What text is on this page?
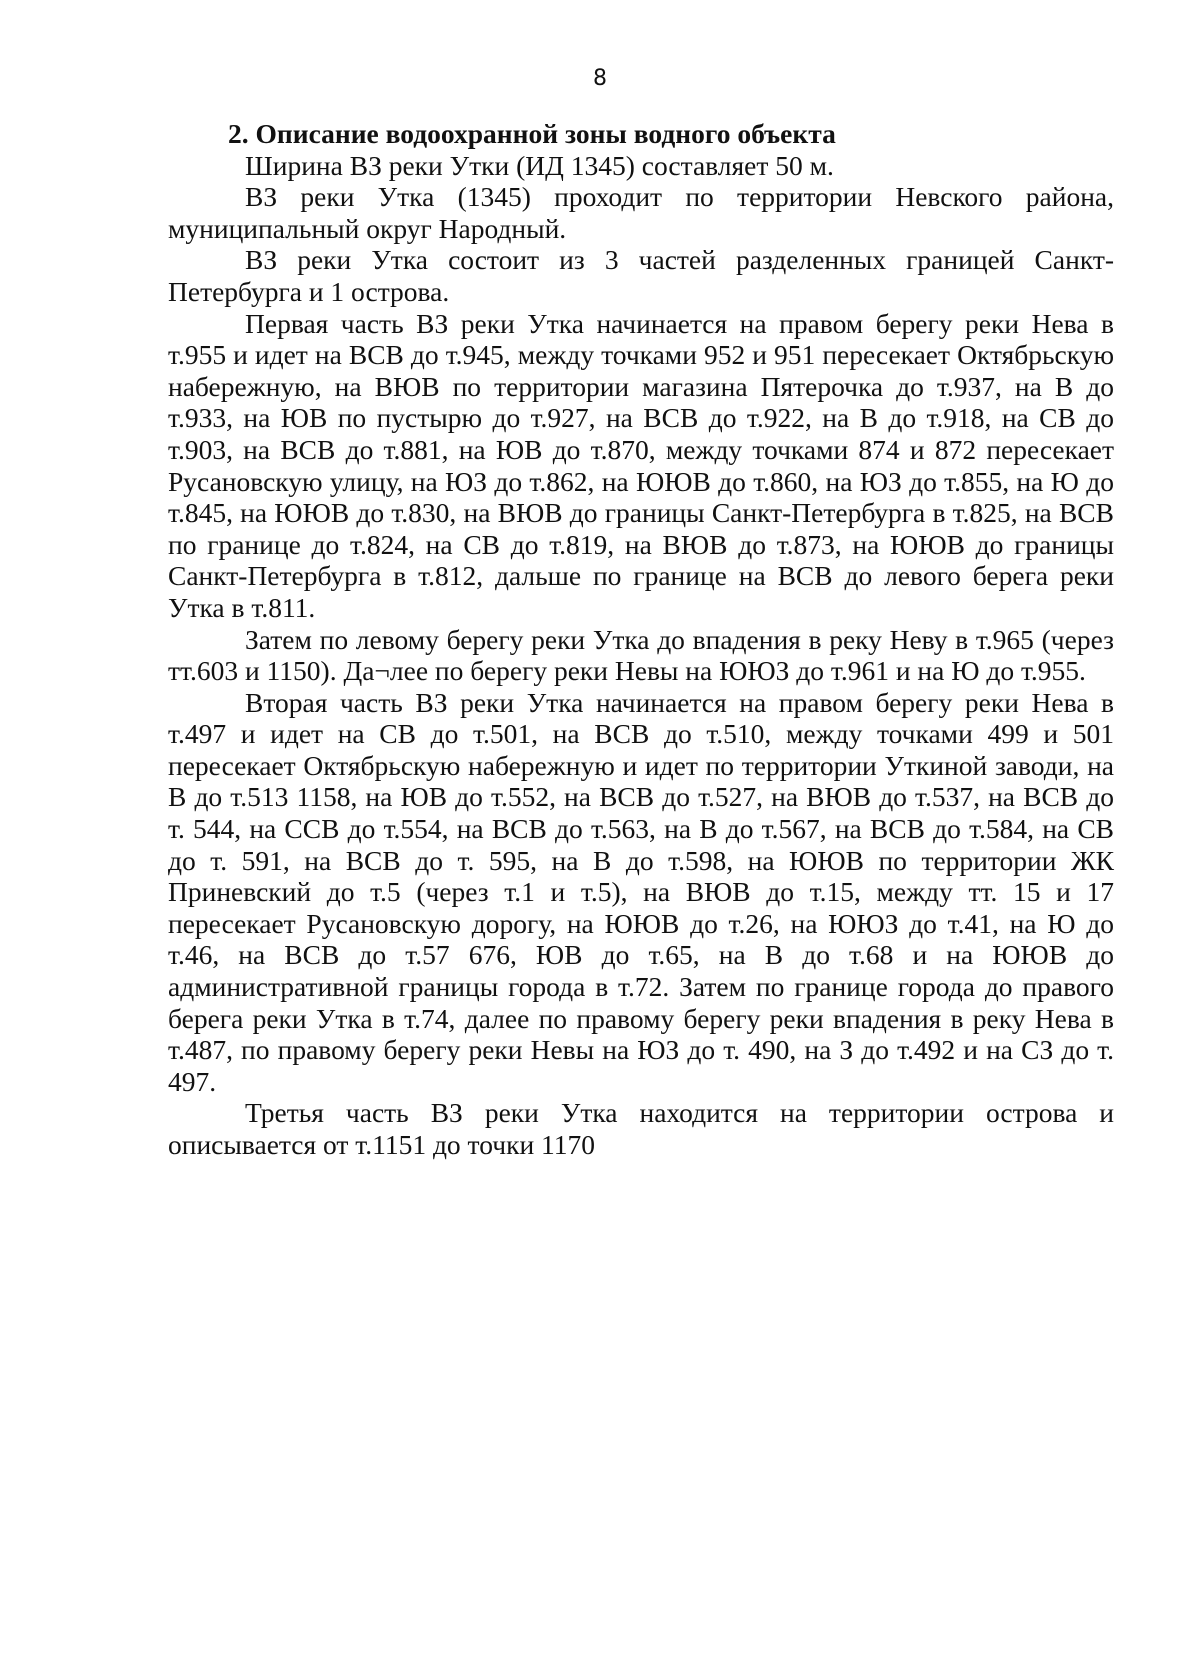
8

2. Описание водоохранной зоны водного объекта

Ширина ВЗ реки Утки (ИД 1345) составляет 50 м.

ВЗ реки Утка (1345) проходит по территории Невского района, муниципальный округ Народный.

ВЗ реки Утка состоит из 3 частей разделенных границей Санкт-Петербурга и 1 острова.

Первая часть ВЗ реки Утка начинается на правом берегу реки Нева в т.955 и идет на ВСВ до т.945, между точками 952 и 951 пересекает Октябрьскую набережную, на ВЮВ по территории магазина Пятерочка до т.937, на В до т.933, на ЮВ по пустырю до т.927, на ВСВ до т.922, на В до т.918, на СВ до т.903, на ВСВ до т.881, на ЮВ до т.870, между точками 874 и 872 пересекает Русановскую улицу, на ЮЗ до т.862, на ЮЮВ до т.860, на ЮЗ до т.855, на Ю до т.845, на ЮЮВ до т.830, на ВЮВ до границы Санкт-Петербурга в т.825, на ВСВ по границе до т.824, на СВ до т.819, на ВЮВ до т.873, на ЮЮВ до границы Санкт-Петербурга в т.812, дальше по границе на ВСВ до левого берега реки Утка в т.811.

Затем по левому берегу реки Утка до впадения в реку Неву в т.965 (через тт.603 и 1150). Да¬лее по берегу реки Невы на ЮЮЗ до т.961 и на Ю до т.955.

Вторая часть ВЗ реки Утка начинается на правом берегу реки Нева в т.497 и идет на СВ до т.501, на ВСВ до т.510, между точками 499 и 501 пересекает Октябрьскую набережную и идет по территории Уткиной заводи, на В до т.513 1158, на ЮВ до т.552, на ВСВ до т.527, на ВЮВ до т.537, на ВСВ до т. 544, на ССВ до т.554, на ВСВ до т.563, на В до т.567, на ВСВ до т.584, на СВ до т. 591, на ВСВ до т. 595, на В до т.598, на ЮЮВ по территории ЖК Приневский до т.5 (через т.1 и т.5), на ВЮВ до т.15, между тт. 15 и 17 пересекает Русановскую дорогу, на ЮЮВ до т.26, на ЮЮЗ до т.41, на Ю до т.46, на ВСВ до т.57 676, ЮВ до т.65, на В до т.68 и на ЮЮВ до административной границы города в т.72. Затем по границе города до правого берега реки Утка в т.74, далее по правому берегу реки впадения в реку Нева в т.487, по правому берегу реки Невы на ЮЗ до т. 490, на З до т.492 и на СЗ до т. 497.

Третья часть ВЗ реки Утка находится на территории острова и описывается от т.1151 до точки 1170
